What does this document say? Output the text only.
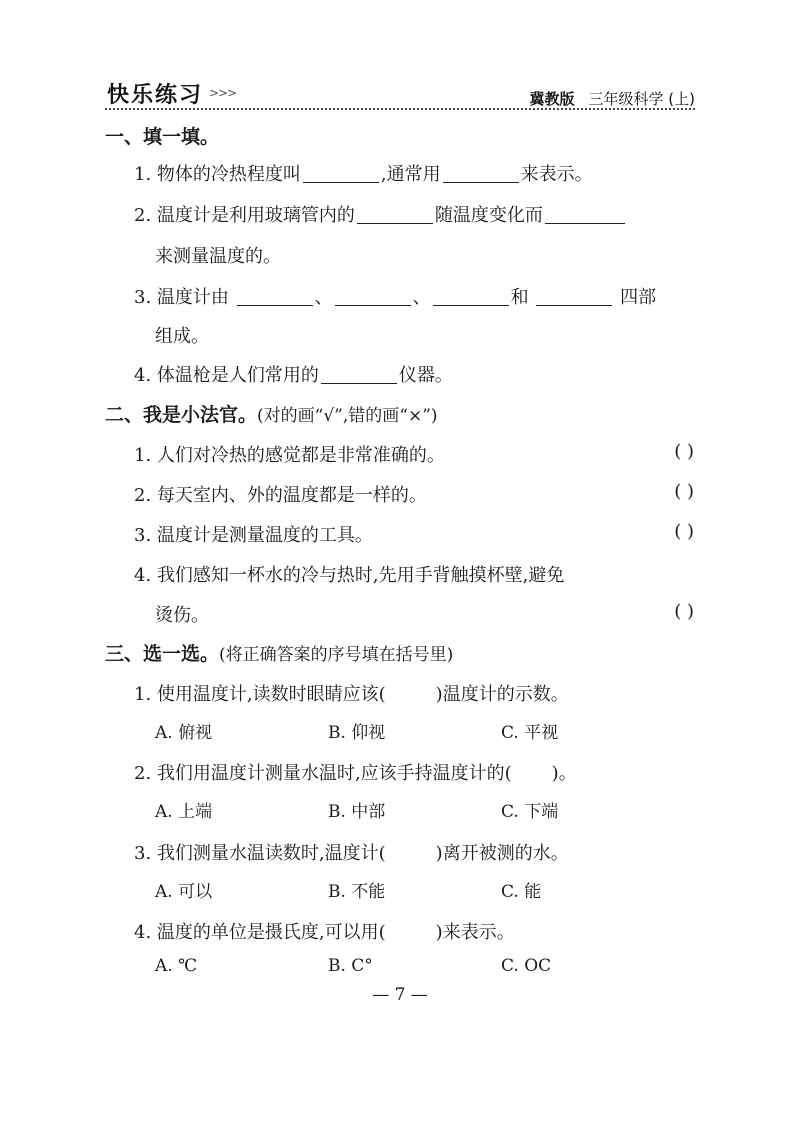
快乐练习 >>>	冀教版 三年级科学 (上)
一、填一填。
1. 物体的冷热程度叫	,通常用	来表示。
2. 温度计是利用玻璃管内的	随温度变化而
来测量温度的。
3. 温度计由	、	、	和	四部
组成。
4. 体温枪是人们常用的	仪器。
二、我是小法官。(对的画“√”,错的画“×”)
1. 人们对冷热的感觉都是非常准确的。	( )
2. 每天室内、外的温度都是一样的。	( )
3. 温度计是测量温度的工具。	( )
4. 我们感知一杯水的冷与热时,先用手背触摸杯壁,避免
烫伤。	( )
三、选一选。(将正确答案的序号填在括号里)
1. 使用温度计,读数时眼睛应该(	)温度计的示数。
A. 俯视	B. 仰视	C. 平视
2. 我们用温度计测量水温时,应该手持温度计的( )。
A. 上端	B. 中部	C. 下端
3. 我们测量水温读数时,温度计(	)离开被测的水。
A. 可以	B. 不能	C. 能
4. 温度的单位是摄氏度,可以用(	)来表示。
A. ℃	B. C°	C. OC
— 7 —
